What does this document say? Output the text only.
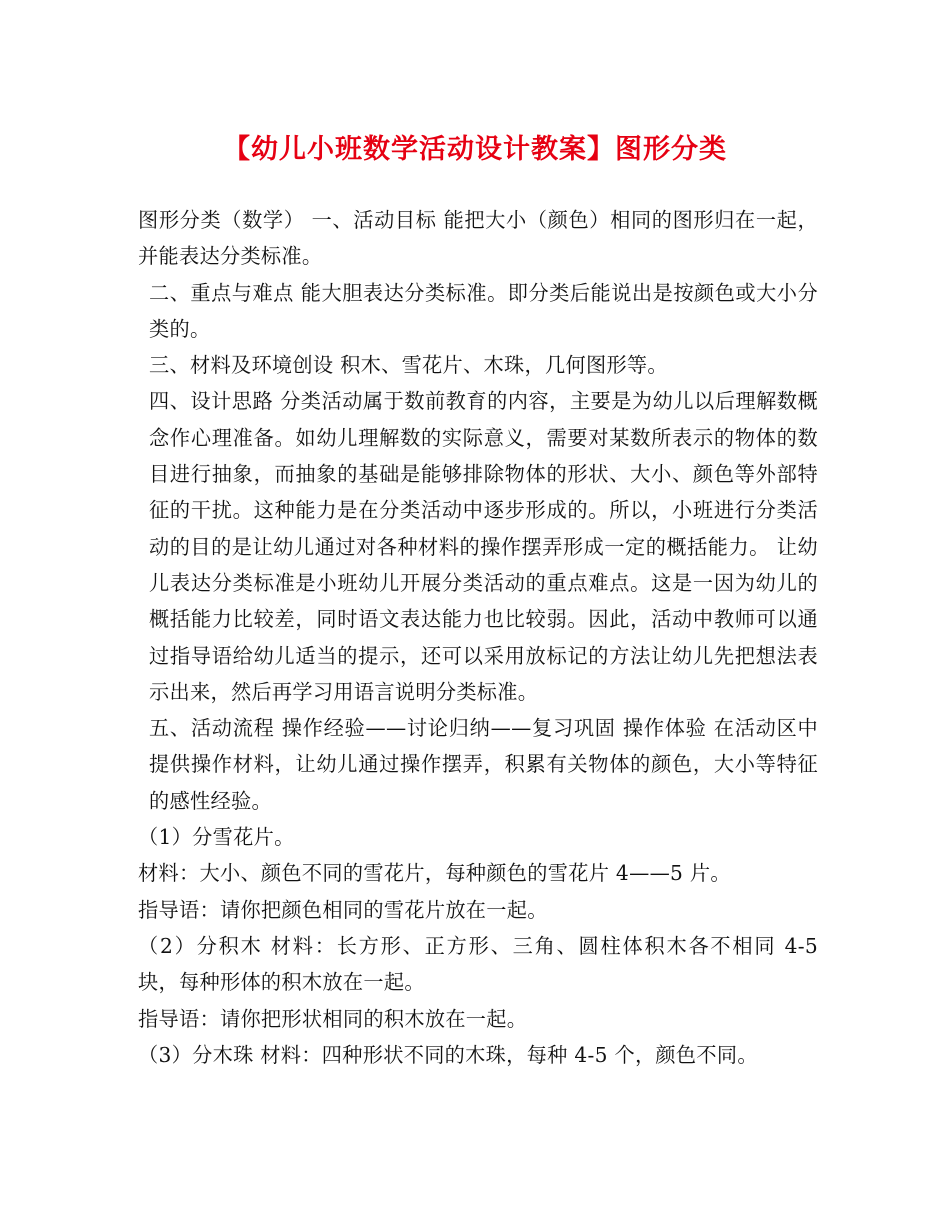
【幼儿小班数学活动设计教案】图形分类

图形分类（数学） 一、活动目标 能把大小（颜色）相同的图形归在一起，并能表达分类标准。

二、重点与难点 能大胆表达分类标准。即分类后能说出是按颜色或大小分类的。

三、材料及环境创设 积木、雪花片、木珠，几何图形等。

四、设计思路 分类活动属于数前教育的内容，主要是为幼儿以后理解数概念作心理准备。如幼儿理解数的实际意义，需要对某数所表示的物体的数目进行抽象，而抽象的基础是能够排除物体的形状、大小、颜色等外部特征的干扰。这种能力是在分类活动中逐步形成的。所以，小班进行分类活动的目的是让幼儿通过对各种材料的操作摆弄形成一定的概括能力。 让幼儿表达分类标准是小班幼儿开展分类活动的重点难点。这是一因为幼儿的概括能力比较差，同时语文表达能力也比较弱。因此，活动中教师可以通过指导语给幼儿适当的提示，还可以采用放标记的方法让幼儿先把想法表示出来，然后再学习用语言说明分类标准。

五、活动流程 操作经验——讨论归纳——复习巩固 操作体验 在活动区中提供操作材料，让幼儿通过操作摆弄，积累有关物体的颜色，大小等特征的感性经验。

（1）分雪花片。

材料：大小、颜色不同的雪花片，每种颜色的雪花片 4——5 片。

指导语：请你把颜色相同的雪花片放在一起。

（2）分积木 材料：长方形、正方形、三角、圆柱体积木各不相同 4-5 块，每种形体的积木放在一起。

指导语：请你把形状相同的积木放在一起。

（3）分木珠 材料：四种形状不同的木珠，每种 4-5 个，颜色不同。
